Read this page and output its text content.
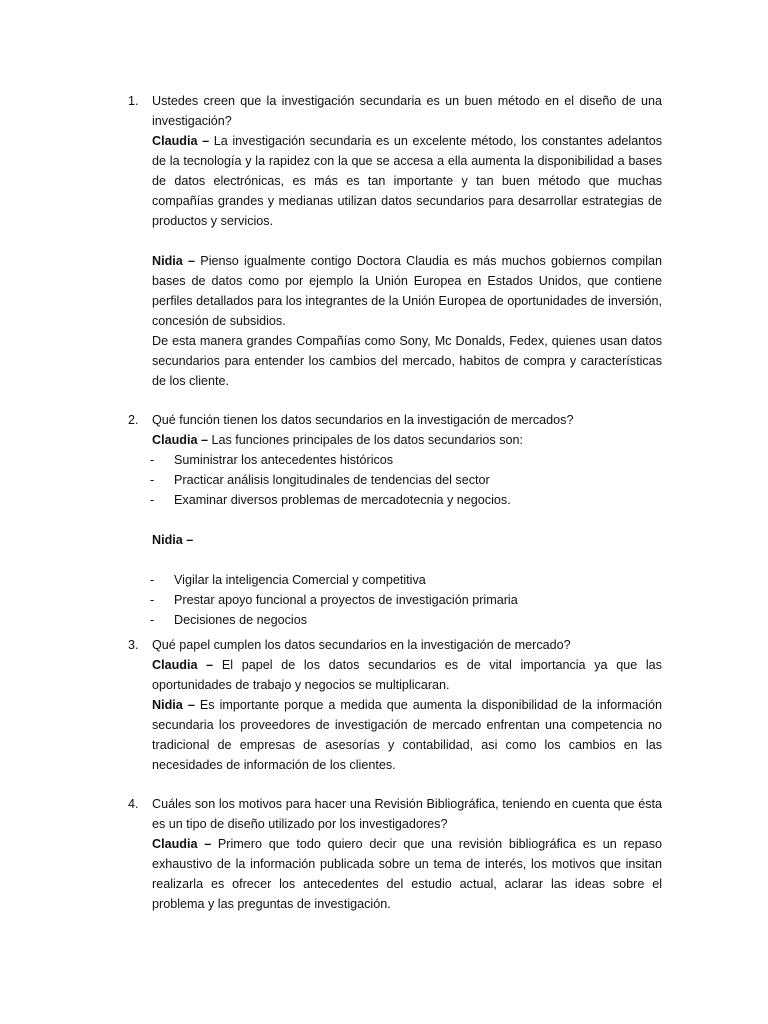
1. Ustedes creen que la investigación secundaria es un buen método en el diseño de una investigación?

Claudia – La investigación secundaria es un excelente método, los constantes adelantos de la tecnología y la rapidez con la que se accesa a ella aumenta la disponibilidad a bases de datos electrónicas, es más es tan importante y tan buen método que muchas compañías grandes y medianas utilizan datos secundarios para desarrollar estrategias de productos y servicios.

Nidia – Pienso igualmente contigo Doctora Claudia es más muchos gobiernos compilan bases de datos como por ejemplo la Unión Europea en Estados Unidos, que contiene perfiles detallados para los integrantes de la Unión Europea de oportunidades de inversión, concesión de subsidios.

De esta manera grandes Compañías como Sony, Mc Donalds, Fedex, quienes usan datos secundarios para entender los cambios del mercado, habitos de compra y características de los cliente.

2. Qué función tienen los datos secundarios en la investigación de mercados?

Claudia – Las funciones principales de los datos secundarios son:

- Suministrar los antecedentes históricos
- Practicar análisis longitudinales de tendencias del sector
- Examinar diversos problemas de mercadotecnia y negocios.

Nidia –

- Vigilar la inteligencia Comercial y competitiva
- Prestar apoyo funcional a proyectos de investigación primaria
- Decisiones de negocios
3. Qué papel cumplen los datos secundarios en la investigación de mercado?

Claudia – El papel de los datos secundarios es de vital importancia ya que las oportunidades de trabajo y negocios se multiplicaran.

Nidia – Es importante porque a medida que aumenta la disponibilidad de la información secundaria los proveedores de investigación de mercado enfrentan una competencia no tradicional de empresas de asesorías y contabilidad, asi como los cambios en las necesidades de información de los clientes.

4. Cuáles son los motivos para hacer una Revisión Bibliográfica, teniendo en cuenta que ésta es un tipo de diseño utilizado por los investigadores?

Claudia – Primero que todo quiero decir que una revisión bibliográfica es un repaso exhaustivo de la información publicada sobre un tema de interés, los motivos que insitan realizarla es ofrecer los antecedentes del estudio actual, aclarar las ideas sobre el problema y las preguntas de investigación.
